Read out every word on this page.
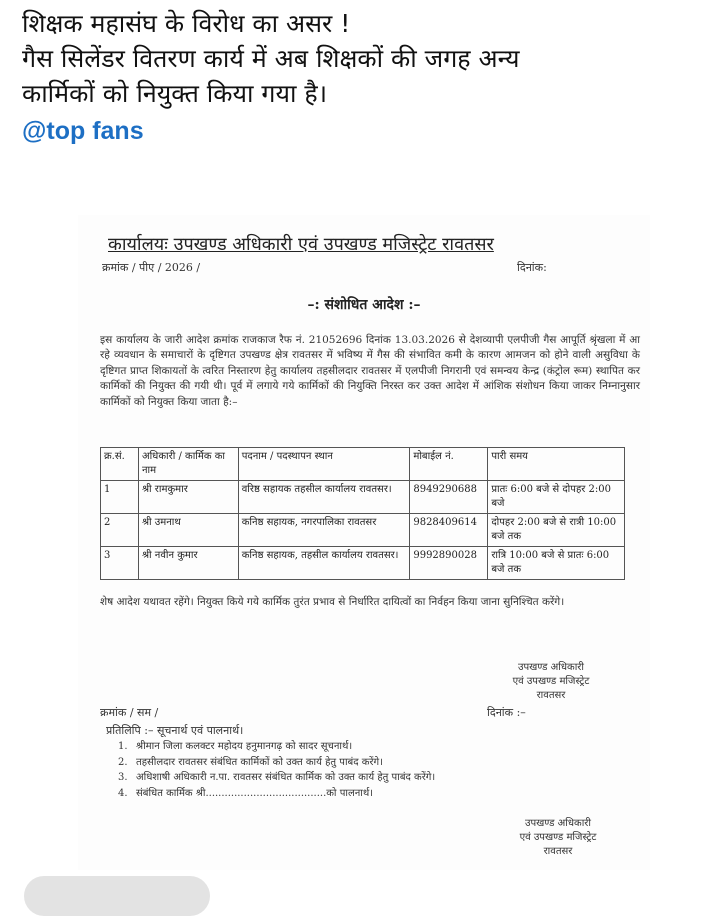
शिक्षक महासंघ के विरोध का असर !

गैस सिलेंडर वितरण कार्य में अब शिक्षकों की जगह अन्य

कार्मिकों को नियुक्त किया गया है।

@top fans
कार्यालयः उपखण्ड अधिकारी एवं उपखण्ड मजिस्ट्रेट रावतसर
क्रमांक / पीए / 2026 /	दिनांक:
–: संशोधित आदेश :–
इस कार्यालय के जारी आदेश क्रमांक राजकाज रैफ नं. 21052696 दिनांक 13.03.2026 से देशव्यापी एलपीजी गैस आपूर्ति श्रृंखला में आ रहे व्यवधान के समाचारों के दृष्टिगत उपखण्ड क्षेत्र रावतसर में भविष्य में गैस की संभावित कमी के कारण आमजन को होने वाली असुविधा के दृष्टिगत प्राप्त शिकायतों के त्वरित निस्तारण हेतु कार्यालय तहसीलदार रावतसर में एलपीजी निगरानी एवं समन्वय केन्द्र (कंट्रोल रूम) स्थापित कर कार्मिकों की नियुक्त की गयी थी। पूर्व में लगाये गये कार्मिकों की नियुक्ति निरस्त कर उक्त आदेश में आंशिक संशोधन किया जाकर निम्नानुसार कार्मिकों को नियुक्त किया जाता है:–
क्र.सं.	अधिकारी / कार्मिक का नाम	पदनाम / पदस्थापन स्थान	मोबाईल नं.	पारी समय
1	श्री रामकुमार	वरिष्ठ सहायक तहसील कार्यालय रावतसर।	8949290688	प्रातः 6:00 बजे से दोपहर 2:00 बजे
2	श्री उमनाथ	कनिष्ठ सहायक, नगरपालिका रावतसर	9828409614	दोपहर 2:00 बजे से रात्री 10:00 बजे तक
3	श्री नवीन कुमार	कनिष्ठ सहायक, तहसील कार्यालय रावतसर।	9992890028	रात्रि 10:00 बजे से प्रातः 6:00 बजे तक
शेष आदेश यथावत रहेंगे। नियुक्त किये गये कार्मिक तुरंत प्रभाव से निर्धारित दायित्वों का निर्वहन किया जाना सुनिश्चित करेंगे।
उपखण्ड अधिकारी
एवं उपखण्ड मजिस्ट्रेट
रावतसर
क्रमांक / सम /	दिनांक :–
प्रतिलिपि :– सूचनार्थ एवं पालनार्थ।
1. श्रीमान जिला कलक्टर महोदय हनुमानगढ़ को सादर सूचनार्थ।
2. तहसीलदार रावतसर संबंधित कार्मिकों को उक्त कार्य हेतु पाबंद करेंगे।
3. अधिशाषी अधिकारी न.पा. रावतसर संबंधित कार्मिक को उक्त कार्य हेतु पाबंद करेंगे।
4. संबंधित कार्मिक श्री......................................को पालनार्थ।
उपखण्ड अधिकारी
एवं उपखण्ड मजिस्ट्रेट
रावतसर
